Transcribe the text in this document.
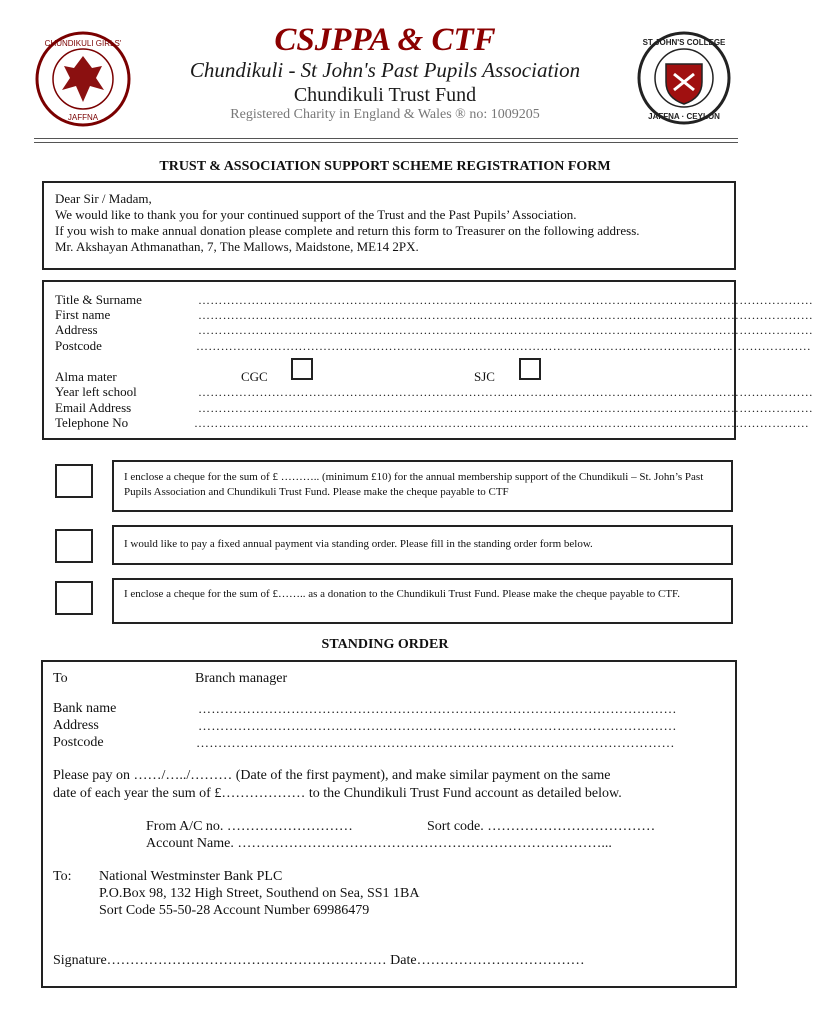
CHUNDIKULI GIRLS'
JAFFNA
ST JOHN'S COLLEGE
JAFFNA · CEYLON
CSJPPA & CTF
Chundikuli - St John's Past Pupils Association
Chundikuli Trust Fund
Registered Charity in England & Wales ® no: 1009205
TRUST & ASSOCIATION SUPPORT SCHEME REGISTRATION FORM
Dear Sir / Madam,
We would like to thank you for your continued support of the Trust and the Past Pupils’ Association.
If you wish to make annual donation please complete and return this form to Treasurer on the following address.
Mr. Akshayan Athmanathan, 7, The Mallows, Maidstone, ME14 2PX.
Title & Surname	……………………………………………………………………………………………………………………………………
First name	……………………………………………………………………………………………………………………………………
Address	……………………………………………………………………………………………………………………………………
Postcode	……………………………………………………………………………………………………………………………………
Alma mater	CGC	SJC
Year left school	……………………………………………………………………………………………………………………………………
Email Address	……………………………………………………………………………………………………………………………………
Telephone No	……………………………………………………………………………………………………………………………………
I enclose a cheque for the sum of £ ……….. (minimum £10) for the annual membership support of the Chundikuli – St. John’s Past Pupils Association and Chundikuli Trust Fund. Please make the cheque payable to CTF
I would like to pay a fixed annual payment via standing order. Please fill in the standing order form below.
I enclose a cheque for the sum of £…….. as a donation to the Chundikuli Trust Fund. Please make the cheque payable to CTF.
STANDING ORDER
To	Branch manager
Bank name	………………………………………………………………………………………………
Address	………………………………………………………………………………………………
Postcode	………………………………………………………………………………………………
Please pay on ……/…../……… (Date of the first payment), and make similar payment on the same
date of each year the sum of £……………… to the Chundikuli Trust Fund account as detailed below.
From A/C no. ………………………	Sort code. ………………………………
Account Name. ……………………………………………………………………...
To: National Westminster Bank PLC
P.O.Box 98, 132 High Street, Southend on Sea, SS1 1BA
Sort Code 55-50-28 Account Number 69986479
Signature…………………………………………………… Date………………………………
